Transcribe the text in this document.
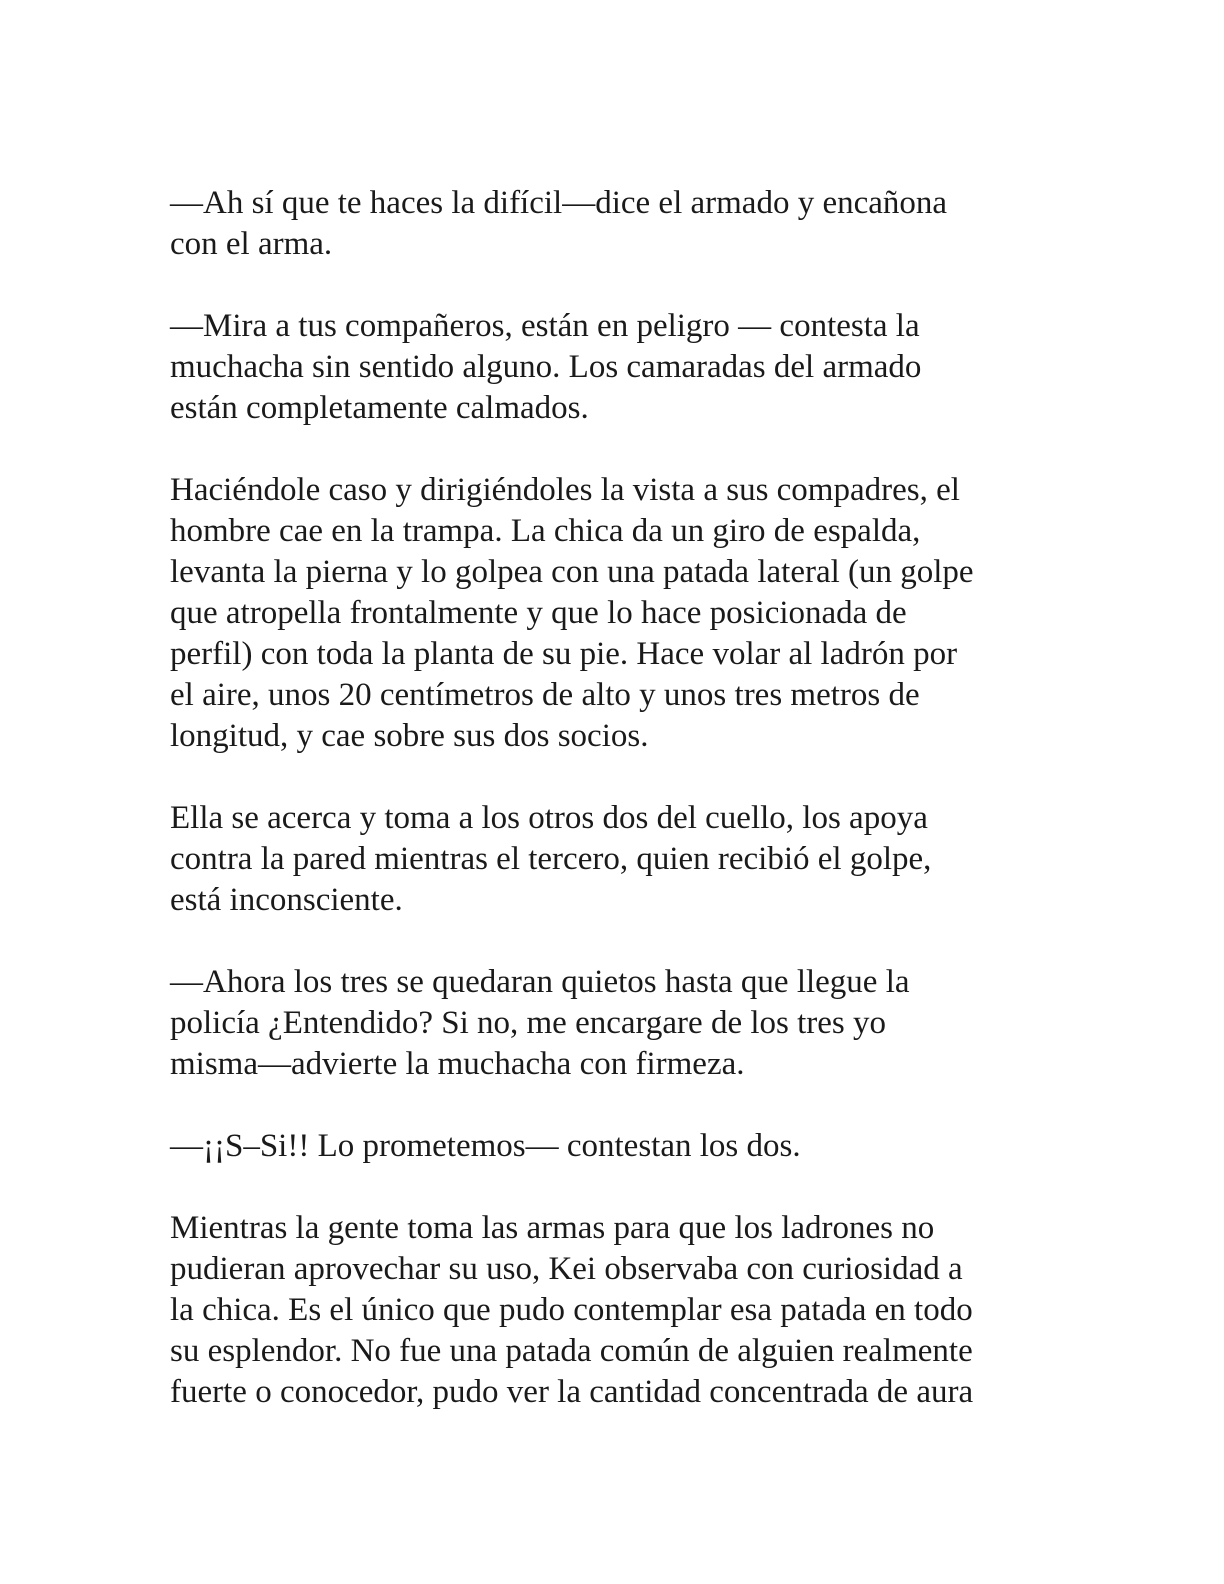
—Ah sí que te haces la difícil—dice el armado y encañona
con el arma.
—Mira a tus compañeros, están en peligro — contesta la
muchacha sin sentido alguno. Los camaradas del armado
están completamente calmados.
Haciéndole caso y dirigiéndoles la vista a sus compadres, el
hombre cae en la trampa. La chica da un giro de espalda,
levanta la pierna y lo golpea con una patada lateral (un golpe
que atropella frontalmente y que lo hace posicionada de
perfil) con toda la planta de su pie. Hace volar al ladrón por
el aire, unos 20 centímetros de alto y unos tres metros de
longitud, y cae sobre sus dos socios.
Ella se acerca y toma a los otros dos del cuello, los apoya
contra la pared mientras el tercero, quien recibió el golpe,
está inconsciente.
—Ahora los tres se quedaran quietos hasta que llegue la
policía ¿Entendido? Si no, me encargare de los tres yo
misma—advierte la muchacha con firmeza.
—¡¡S–Si!! Lo prometemos— contestan los dos.
Mientras la gente toma las armas para que los ladrones no
pudieran aprovechar su uso, Kei observaba con curiosidad a
la chica. Es el único que pudo contemplar esa patada en todo
su esplendor. No fue una patada común de alguien realmente
fuerte o conocedor, pudo ver la cantidad concentrada de aura
